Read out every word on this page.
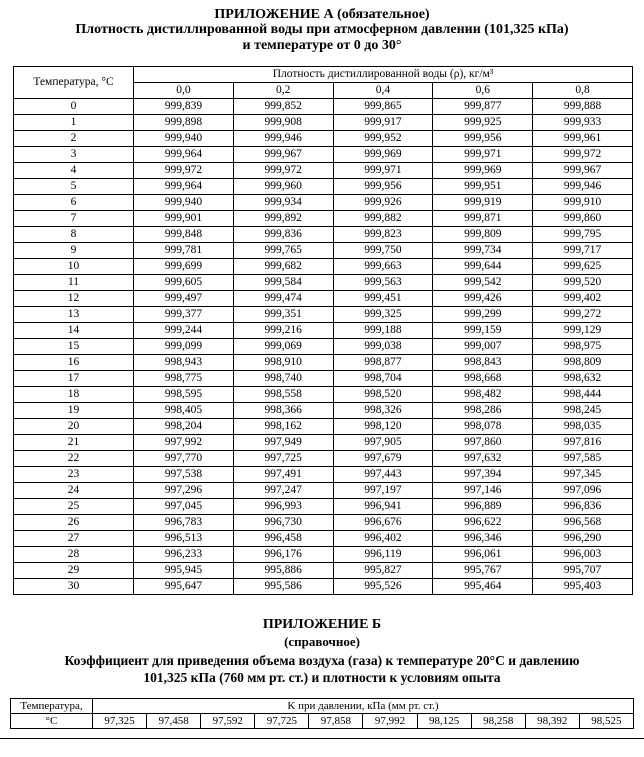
ПРИЛОЖЕНИЕ А (обязательное)
Плотность дистиллированной воды при атмосферном давлении (101,325 кПа)
и температуре от 0 до 30°
Температура, °С	Плотность дистиллированной воды (ρ), кг/м³				
	0,0	0,2	0,4	0,6	0,8
0	999,839	999,852	999,865	999,877	999,888
1	999,898	999,908	999,917	999,925	999,933
2	999,940	999,946	999,952	999,956	999,961
3	999,964	999,967	999,969	999,971	999,972
4	999,972	999,972	999,971	999,969	999,967
5	999,964	999,960	999,956	999,951	999,946
6	999,940	999,934	999,926	999,919	999,910
7	999,901	999,892	999,882	999,871	999,860
8	999,848	999,836	999,823	999,809	999,795
9	999,781	999,765	999,750	999,734	999,717
10	999,699	999,682	999,663	999,644	999,625
11	999,605	999,584	999,563	999,542	999,520
12	999,497	999,474	999,451	999,426	999,402
13	999,377	999,351	999,325	999,299	999,272
14	999,244	999,216	999,188	999,159	999,129
15	999,099	999,069	999,038	999,007	998,975
16	998,943	998,910	998,877	998,843	998,809
17	998,775	998,740	998,704	998,668	998,632
18	998,595	998,558	998,520	998,482	998,444
19	998,405	998,366	998,326	998,286	998,245
20	998,204	998,162	998,120	998,078	998,035
21	997,992	997,949	997,905	997,860	997,816
22	997,770	997,725	997,679	997,632	997,585
23	997,538	997,491	997,443	997,394	997,345
24	997,296	997,247	997,197	997,146	997,096
25	997,045	996,993	996,941	996,889	996,836
26	996,783	996,730	996,676	996,622	996,568
27	996,513	996,458	996,402	996,346	996,290
28	996,233	996,176	996,119	996,061	996,003
29	995,945	995,886	995,827	995,767	995,707
30	995,647	995,586	995,526	995,464	995,403
ПРИЛОЖЕНИЕ Б
(справочное)
Коэффициент для приведения объема воздуха (газа) к температуре 20°С и давлению
101,325 кПа (760 мм рт. ст.) и плотности к условиям опыта
Температура,	K при давлении, кПа (мм рт. ст.)									
°С	97,325	97,458	97,592	97,725	97,858	97,992	98,125	98,258	98,392	98,525
